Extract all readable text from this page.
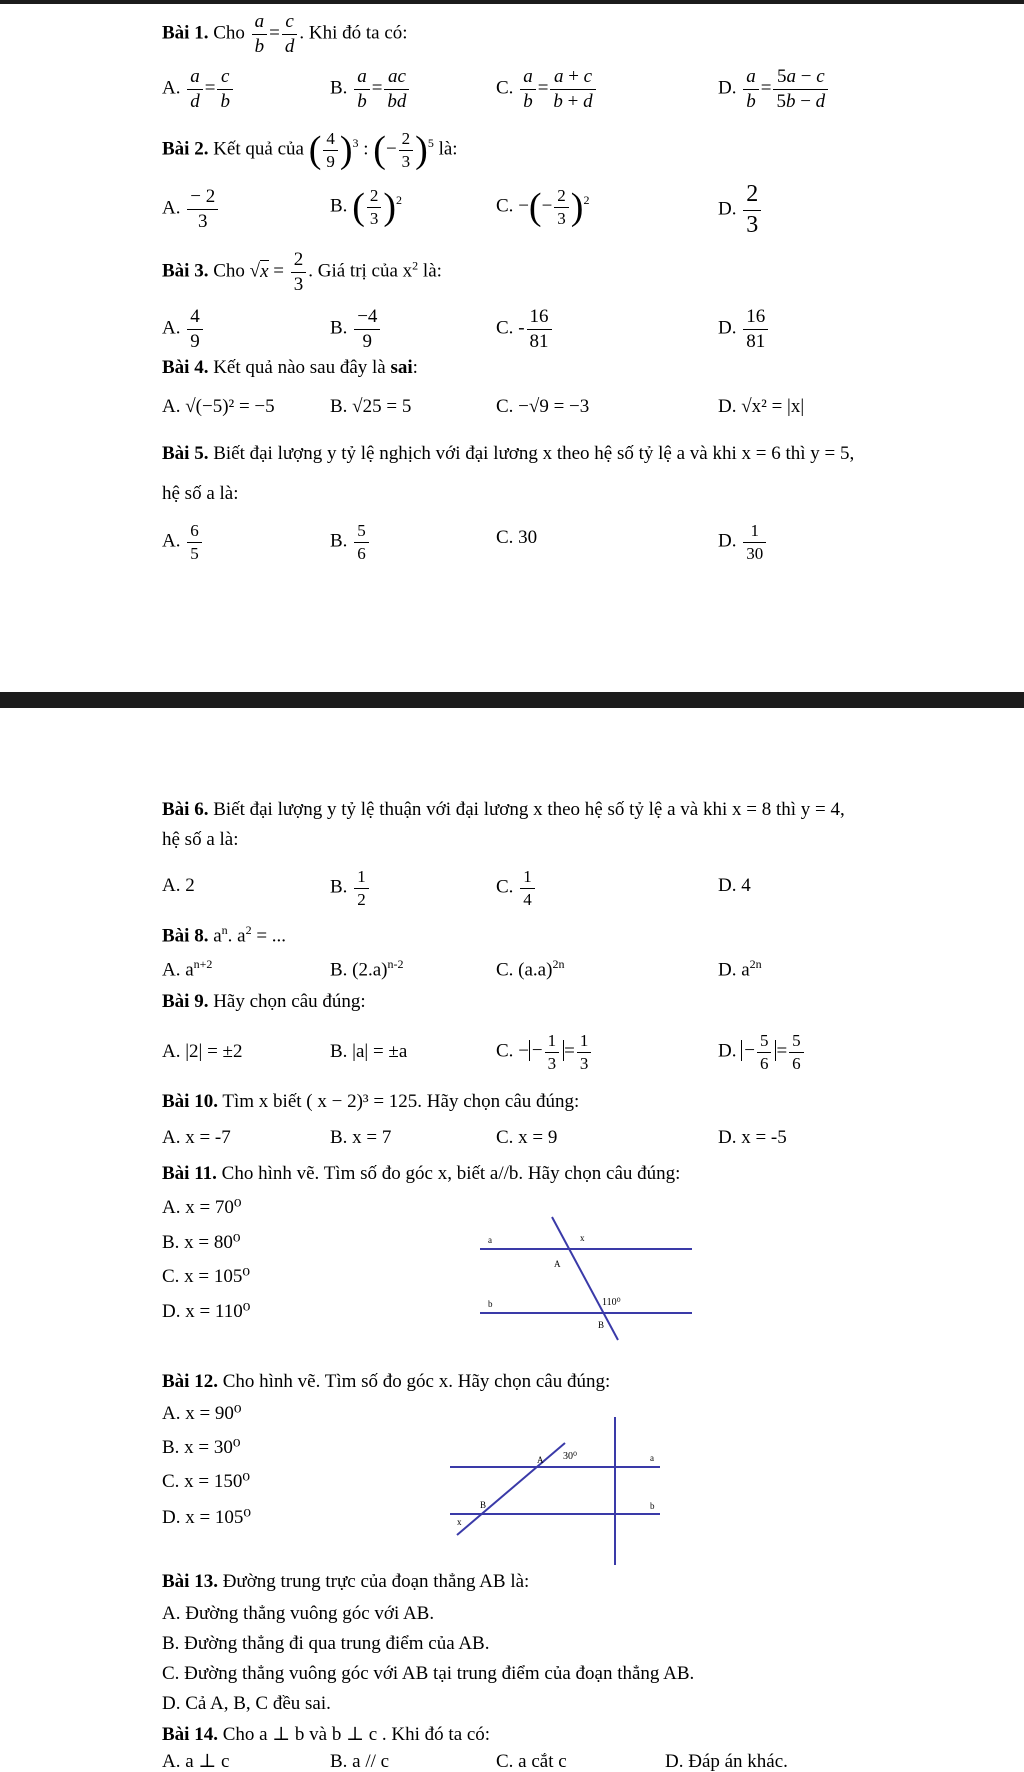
Bài 1. Cho $\frac{a}{b} = \frac{c}{d}$ . Khi đó ta có:
A. $\frac{a}{d} = \frac{c}{b}$	B. $\frac{a}{b} = \frac{ac}{bd}$	C. $\frac{a}{b} = \frac{a + c}{b + d}$	D. $\frac{a}{b} = \frac{5a - c}{5b - d}$
Bài 2. Kết quả của ( $\frac{4}{9} )^3$ : (− $\frac{2}{3} )^5$ là:
A. $\frac{- 2}{3}$	B. ( $\frac{2}{3} )^2$	C. −(− $\frac{2}{3} )^2$	D. $\frac{2}{3}$
Bài 3. Cho $√x = \frac{2}{3}$ . Giá trị của $x^2$ là:
A. $\frac{4}{9}$	B. $\frac{-4}{9}$	C. - $\frac{16}{81}$	D. $\frac{16}{81}$
Bài 4. Kết quả nào sau đây là sai:
A. √(−5)² = −5	B. √25 = 5	C. −√9 = −3	D. √x² = |x|
Bài 5. Biết đại lượng y tỷ lệ nghịch với đại lương x theo hệ số tỷ lệ a và khi x = 6 thì y = 5,
hệ số a là:
A. $\frac{6}{5}$	B. $\frac{5}{6}$	C. 30	D. $\frac{1}{30}$
Bài 6. Biết đại lượng y tỷ lệ thuận với đại lương x theo hệ số tỷ lệ a và khi x = 8 thì y = 4,
hệ số a là:
A. 2	B. $\frac{1}{2}$	C. $\frac{1}{4}$	D. 4
Bài 8. $a^n$. $a^2$ = ...
A. $a^{n+2}$	B. $(2.a)^{n-2}$	C. $(a.a)^{2n}$	D. $a^{2n}$
Bài 9. Hãy chọn câu đúng:
A. |2| = ±2	B. |a| = ±a	C. − − $\frac{1}{3} = \frac{1}{3}$	D. − $\frac{5}{6} = \frac{5}{6}$
Bài 10. Tìm x biết ( x − 2)³ = 125. Hãy chọn câu đúng:
A. x = -7	B. x = 7	C. x = 9	D. x = -5
Bài 11. Cho hình vẽ. Tìm số đo góc x, biết a//b. Hãy chọn câu đúng:
A. x = 70⁰
B. x = 80⁰
C. x = 105⁰
D. x = 110⁰
a
b
x
A
B
110⁰
Bài 12. Cho hình vẽ. Tìm số đo góc x. Hãy chọn câu đúng:
A. x = 90⁰
B. x = 30⁰
C. x = 150⁰
D. x = 105⁰
a
b
A
B
x
30⁰
Bài 13. Đường trung trực của đoạn thẳng AB là:
A. Đường thẳng vuông góc với AB.
B. Đường thẳng đi qua trung điểm của AB.
C. Đường thẳng vuông góc với AB tại trung điểm của đoạn thẳng AB.
D. Cả A, B, C đều sai.
Bài 14. Cho a ⊥ b và b ⊥ c . Khi đó ta có:
A. a ⊥ c	B. a // c	C. a cắt c	D. Đáp án khác.
